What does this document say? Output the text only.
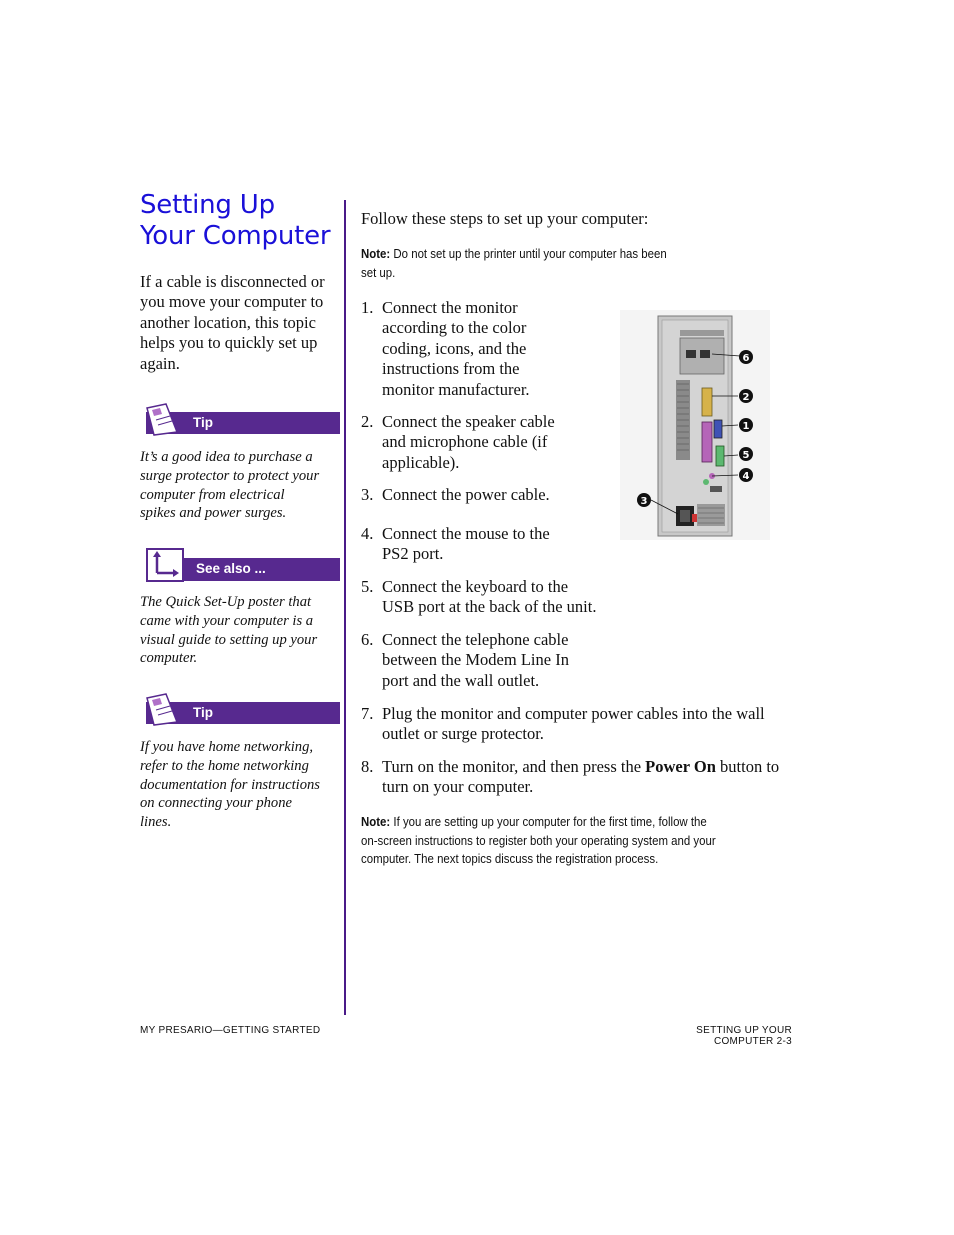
Setting Up
Your Computer
If a cable is disconnected or
you move your computer to
another location, this topic
helps you to quickly set up
again.
Tip
It’s a good idea to purchase a
surge protector to protect your
computer from electrical
spikes and power surges.
See also ...
The Quick Set-Up poster that
came with your computer is a
visual guide to setting up your
computer.
Tip
If you have home networking,
refer to the home networking
documentation for instructions
on connecting your phone
lines.
Follow these steps to set up your computer:
Note: Do not set up the printer until your computer has been
set up.
1. Connect the monitor
according to the color
coding, icons, and the
instructions from the
monitor manufacturer.
2. Connect the speaker cable
and microphone cable (if
applicable).
3. Connect the power cable.
4. Connect the mouse to the
PS2 port.
5. Connect the keyboard to the
USB port at the back of the unit.
6. Connect the telephone cable
between the Modem Line In
port and the wall outlet.
7. Plug the monitor and computer power cables into the wall
outlet or surge protector.
8. Turn on the monitor, and then press the Power On button to
turn on your computer.
Note: If you are setting up your computer for the first time, follow the
on-screen instructions to register both your operating system and your
computer. The next topics discuss the registration process.
6
2
1
5
4
3
MY PRESARIO—GETTING STARTED	SETTING UP YOUR COMPUTER 2-3
